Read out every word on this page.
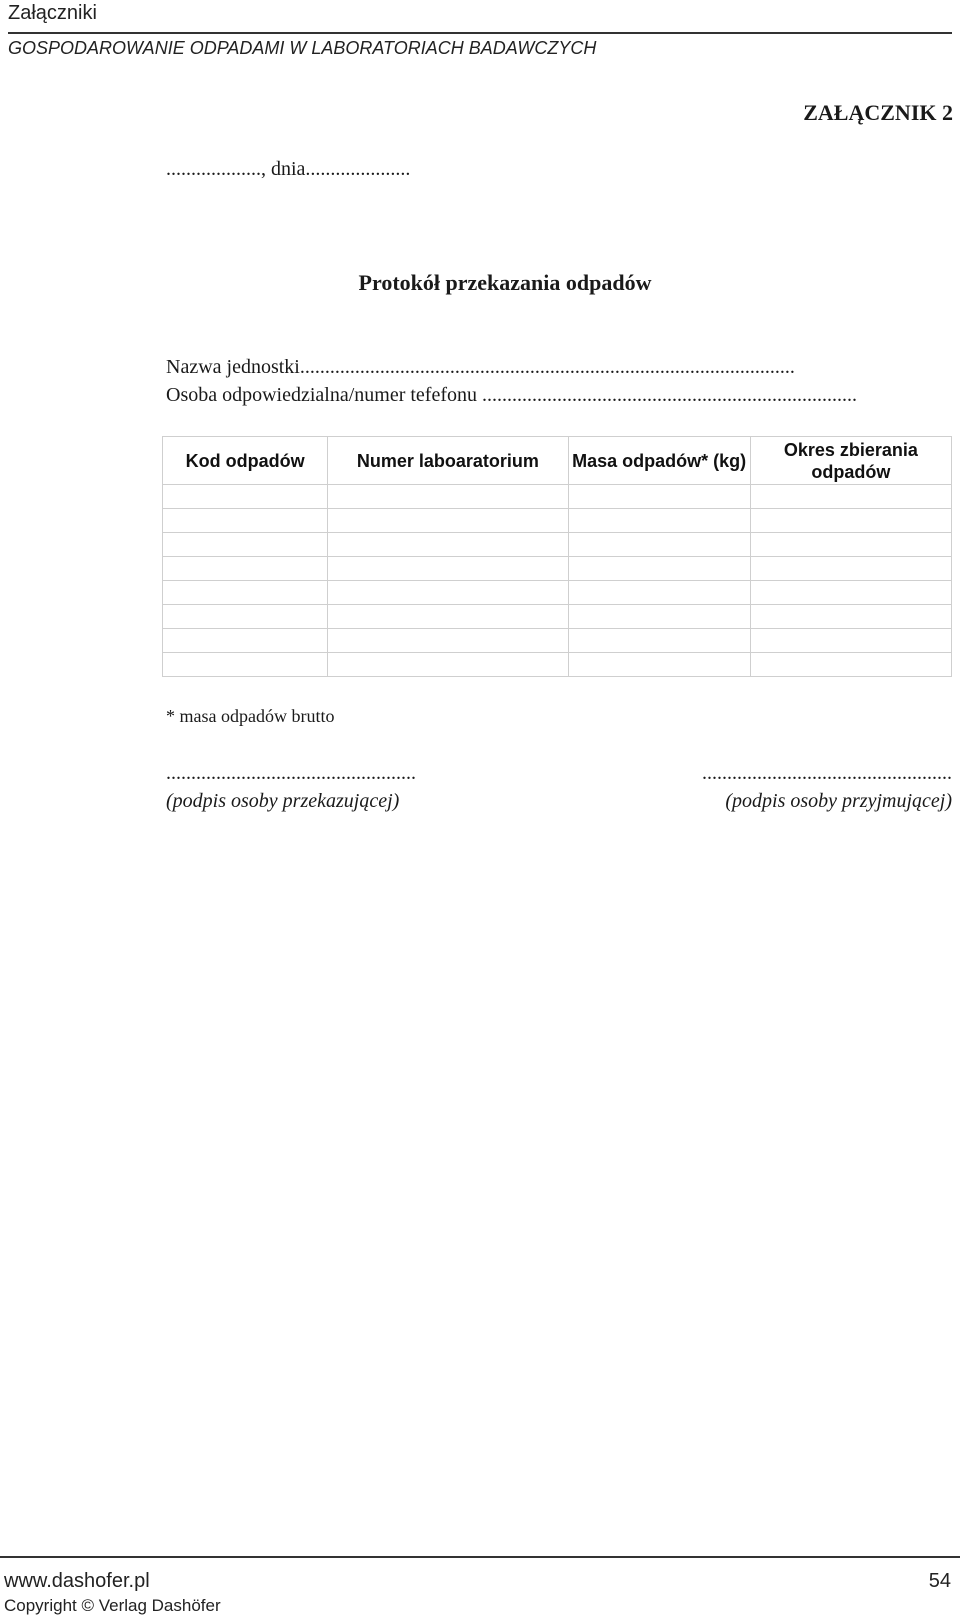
Załączniki
GOSPODAROWANIE ODPADAMI W LABORATORIACH BADAWCZYCH
ZAŁĄCZNIK 2
..................., dnia.....................
Protokół przekazania odpadów
Nazwa jednostki...................................................................................................
Osoba odpowiedzialna/numer tefefonu ...........................................................................
Kod odpadów	Numer laboaratorium	Masa odpadów* (kg)	Okres zbierania odpadów

* masa odpadów brutto
..................................................
(podpis osoby przekazującej)
..................................................
(podpis osoby przyjmującej)
www.dashofer.pl	54
Copyright © Verlag Dashöfer
